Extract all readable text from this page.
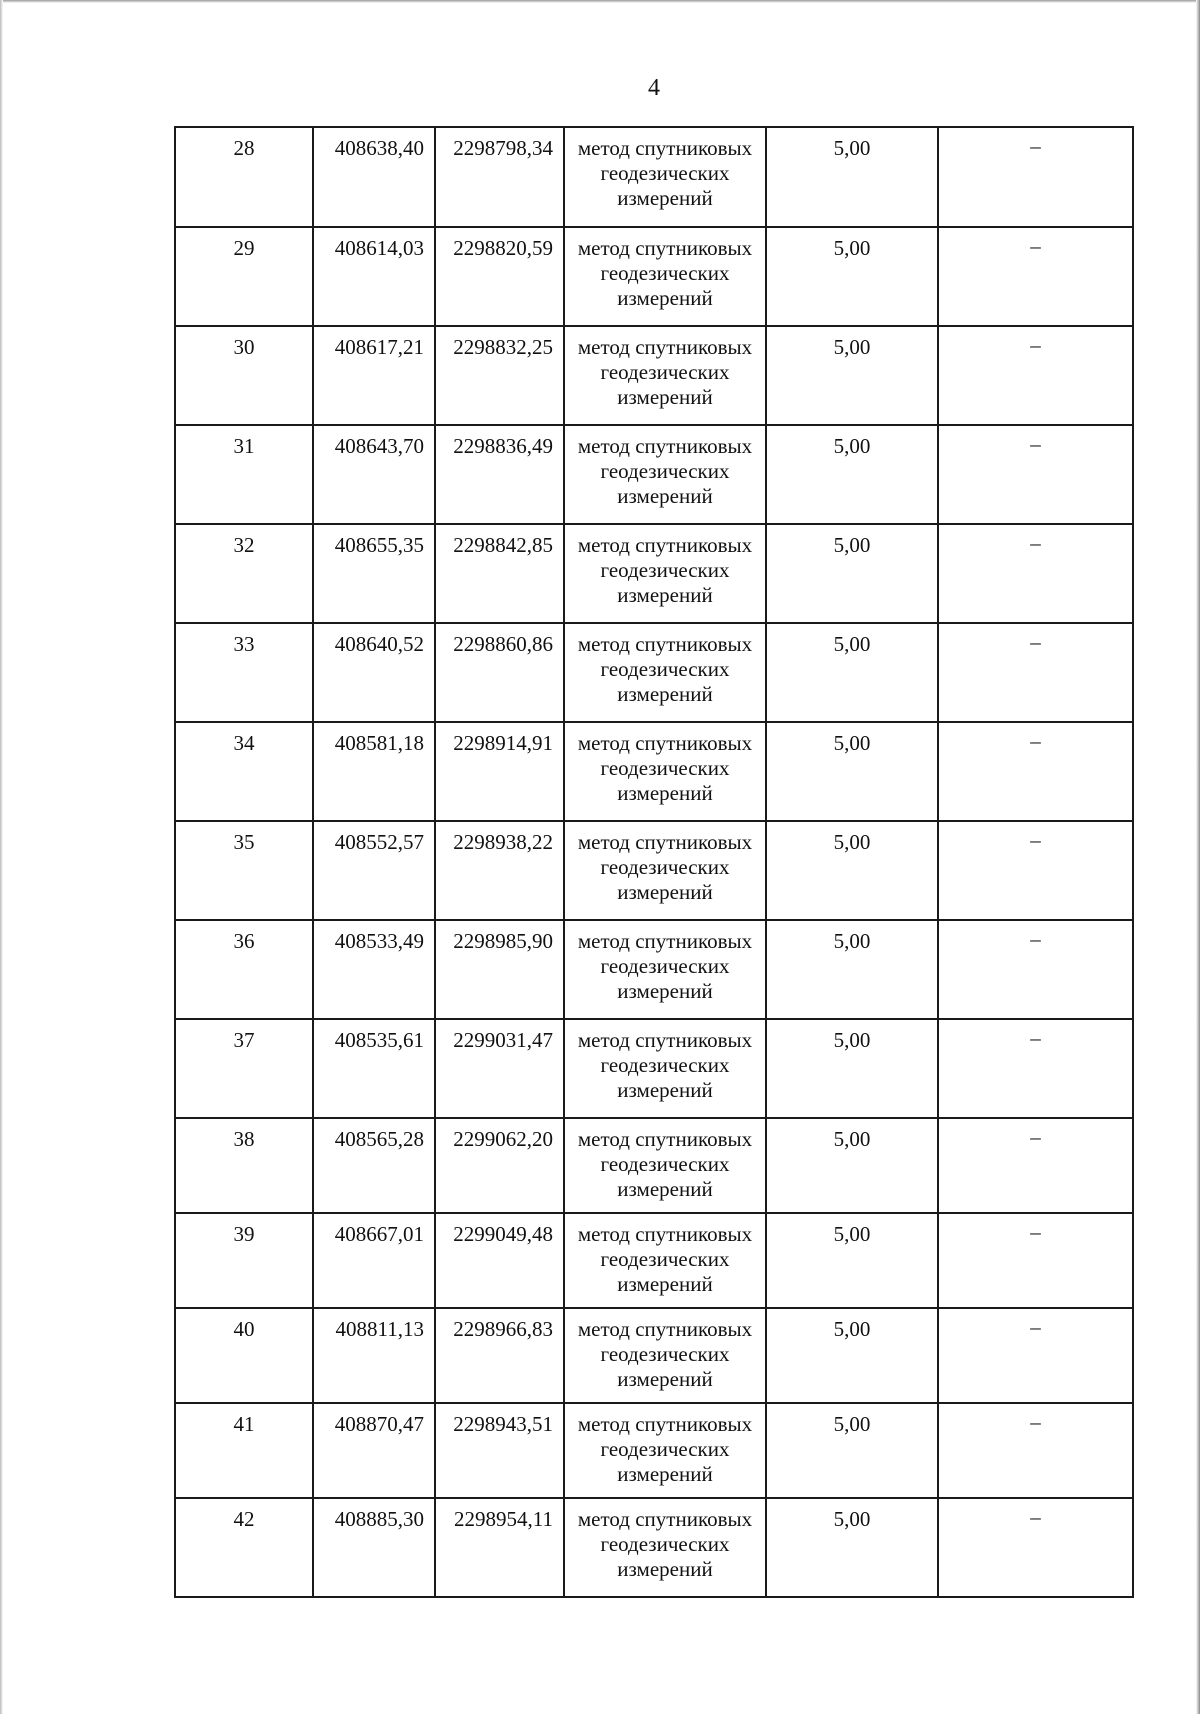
4
28	408638,40	2298798,34	метод спутниковых геодезических измерений	5,00	–
29	408614,03	2298820,59	метод спутниковых геодезических измерений	5,00	–
30	408617,21	2298832,25	метод спутниковых геодезических измерений	5,00	–
31	408643,70	2298836,49	метод спутниковых геодезических измерений	5,00	–
32	408655,35	2298842,85	метод спутниковых геодезических измерений	5,00	–
33	408640,52	2298860,86	метод спутниковых геодезических измерений	5,00	–
34	408581,18	2298914,91	метод спутниковых геодезических измерений	5,00	–
35	408552,57	2298938,22	метод спутниковых геодезических измерений	5,00	–
36	408533,49	2298985,90	метод спутниковых геодезических измерений	5,00	–
37	408535,61	2299031,47	метод спутниковых геодезических измерений	5,00	–
38	408565,28	2299062,20	метод спутниковых геодезических измерений	5,00	–
39	408667,01	2299049,48	метод спутниковых геодезических измерений	5,00	–
40	408811,13	2298966,83	метод спутниковых геодезических измерений	5,00	–
41	408870,47	2298943,51	метод спутниковых геодезических измерений	5,00	–
42	408885,30	2298954,11	метод спутниковых геодезических измерений	5,00	–
